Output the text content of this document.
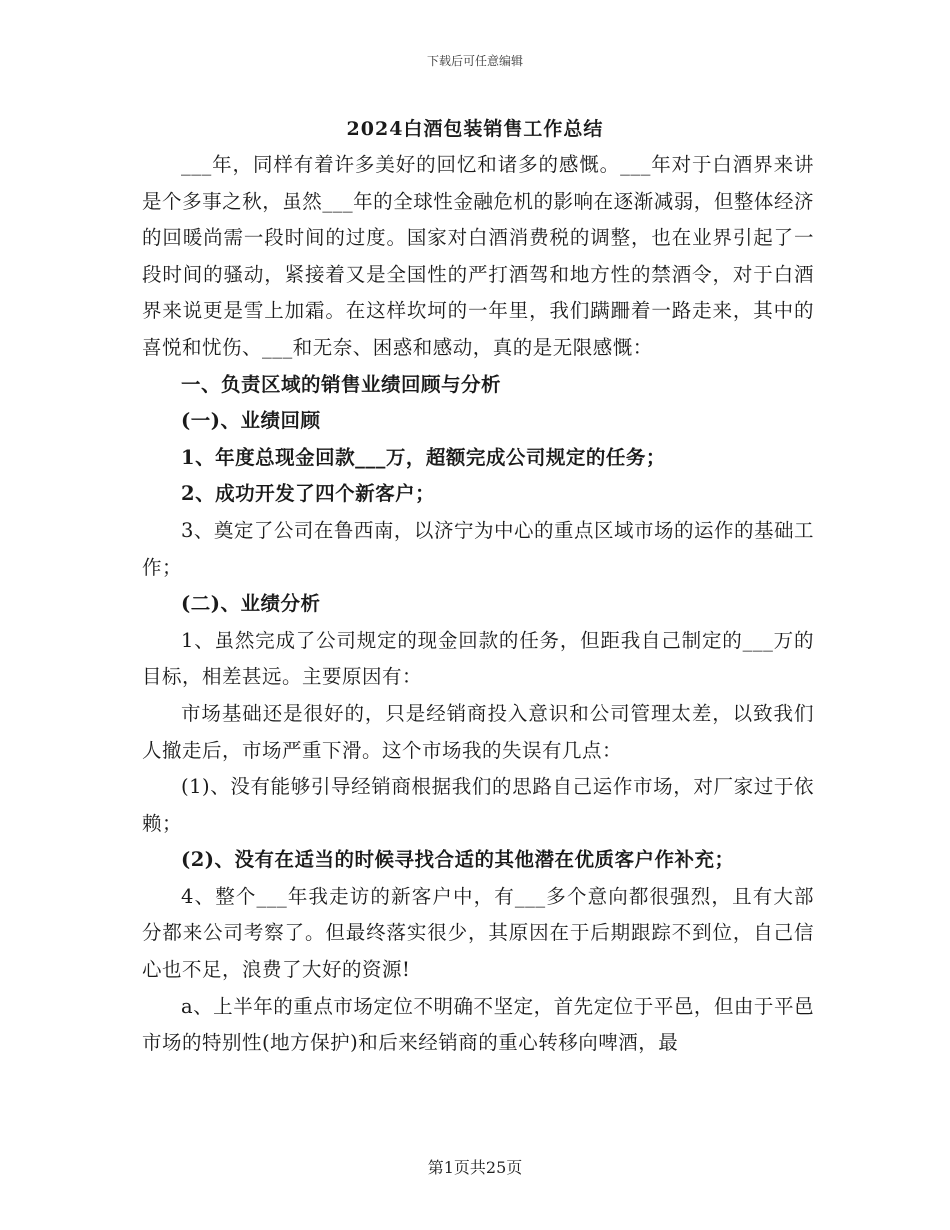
下载后可任意编辑
2024白酒包装销售工作总结

___年，同样有着许多美好的回忆和诸多的感慨。___年对于白酒界来讲是个多事之秋，虽然___年的全球性金融危机的影响在逐渐减弱，但整体经济的回暖尚需一段时间的过度。国家对白酒消费税的调整，也在业界引起了一段时间的骚动，紧接着又是全国性的严打酒驾和地方性的禁酒令，对于白酒界来说更是雪上加霜。在这样坎坷的一年里，我们蹒跚着一路走来，其中的喜悦和忧伤、___和无奈、困惑和感动，真的是无限感慨：

一、负责区域的销售业绩回顾与分析

(一)、业绩回顾

1、年度总现金回款___万，超额完成公司规定的任务；

2、成功开发了四个新客户；

3、奠定了公司在鲁西南，以济宁为中心的重点区域市场的运作的基础工作；

(二)、业绩分析

1、虽然完成了公司规定的现金回款的任务，但距我自己制定的___万的目标，相差甚远。主要原因有：

市场基础还是很好的，只是经销商投入意识和公司管理太差，以致我们人撤走后，市场严重下滑。这个市场我的失误有几点：

(1)、没有能够引导经销商根据我们的思路自己运作市场，对厂家过于依赖；

(2)、没有在适当的时候寻找合适的其他潜在优质客户作补充；

4、整个___年我走访的新客户中，有___多个意向都很强烈，且有大部分都来公司考察了。但最终落实很少，其原因在于后期跟踪不到位，自己信心也不足，浪费了大好的资源!

a、上半年的重点市场定位不明确不坚定，首先定位于平邑，但由于平邑市场的特别性(地方保护)和后来经销商的重心转移向啤酒，最

第1页共25页
